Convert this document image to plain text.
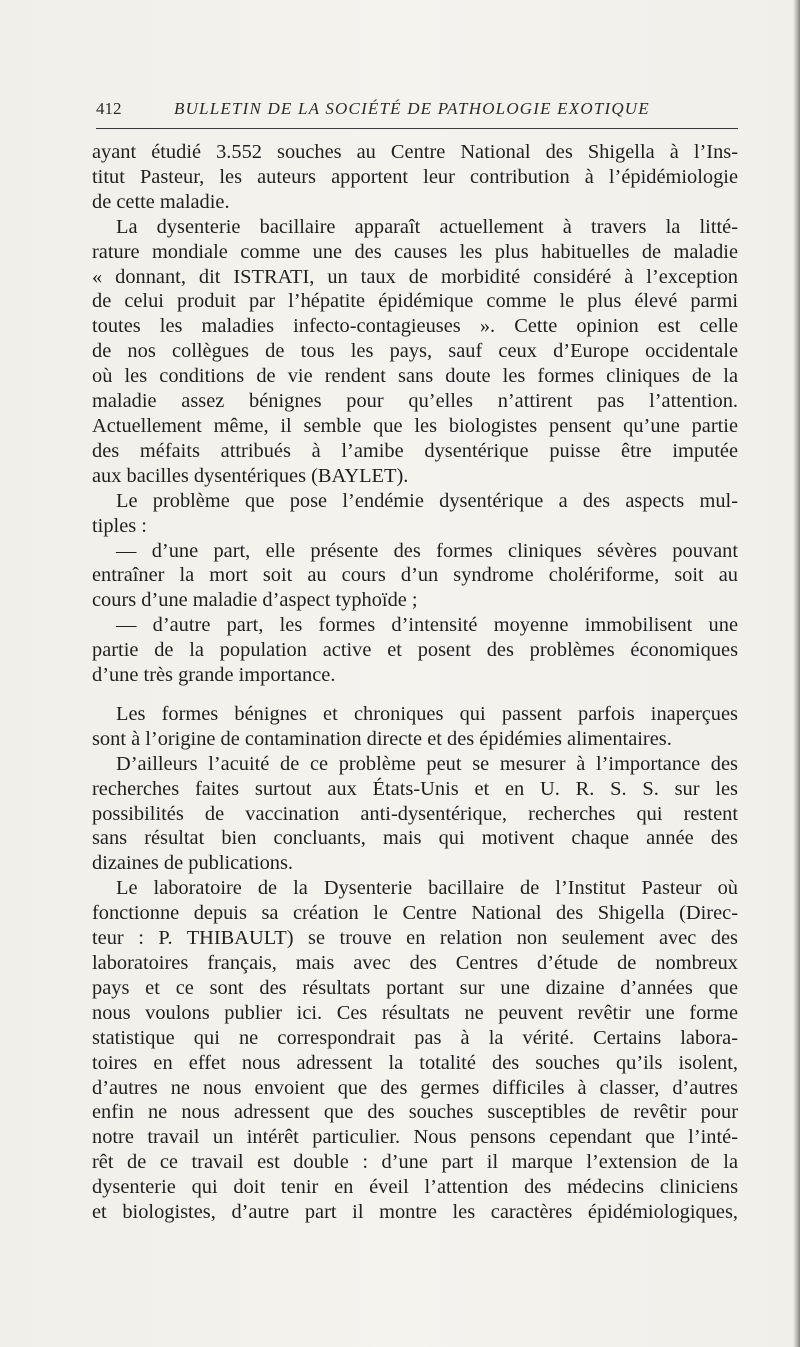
412	BULLETIN DE LA SOCIÉTÉ DE PATHOLOGIE EXOTIQUE
ayant étudié 3.552 souches au Centre National des Shigella à l’Ins-
titut Pasteur, les auteurs apportent leur contribution à l’épidémiologie
de cette maladie.
La dysenterie bacillaire apparaît actuellement à travers la litté-
rature mondiale comme une des causes les plus habituelles de maladie
« donnant, dit ISTRATI, un taux de morbidité considéré à l’exception
de celui produit par l’hépatite épidémique comme le plus élevé parmi
toutes les maladies infecto-contagieuses ». Cette opinion est celle
de nos collègues de tous les pays, sauf ceux d’Europe occidentale
où les conditions de vie rendent sans doute les formes cliniques de la
maladie assez bénignes pour qu’elles n’attirent pas l’attention.
Actuellement même, il semble que les biologistes pensent qu’une partie
des méfaits attribués à l’amibe dysentérique puisse être imputée
aux bacilles dysentériques (BAYLET).
Le problème que pose l’endémie dysentérique a des aspects mul-
tiples :
— d’une part, elle présente des formes cliniques sévères pouvant
entraîner la mort soit au cours d’un syndrome cholériforme, soit au
cours d’une maladie d’aspect typhoïde ;
— d’autre part, les formes d’intensité moyenne immobilisent une
partie de la population active et posent des problèmes économiques
d’une très grande importance.
Les formes bénignes et chroniques qui passent parfois inaperçues
sont à l’origine de contamination directe et des épidémies alimentaires.
D’ailleurs l’acuité de ce problème peut se mesurer à l’importance des
recherches faites surtout aux États-Unis et en U. R. S. S. sur les
possibilités de vaccination anti-dysentérique, recherches qui restent
sans résultat bien concluants, mais qui motivent chaque année des
dizaines de publications.
Le laboratoire de la Dysenterie bacillaire de l’Institut Pasteur où
fonctionne depuis sa création le Centre National des Shigella (Direc-
teur : P. THIBAULT) se trouve en relation non seulement avec des
laboratoires français, mais avec des Centres d’étude de nombreux
pays et ce sont des résultats portant sur une dizaine d’années que
nous voulons publier ici. Ces résultats ne peuvent revêtir une forme
statistique qui ne correspondrait pas à la vérité. Certains labora-
toires en effet nous adressent la totalité des souches qu’ils isolent,
d’autres ne nous envoient que des germes difficiles à classer, d’autres
enfin ne nous adressent que des souches susceptibles de revêtir pour
notre travail un intérêt particulier. Nous pensons cependant que l’inté-
rêt de ce travail est double : d’une part il marque l’extension de la
dysenterie qui doit tenir en éveil l’attention des médecins cliniciens
et biologistes, d’autre part il montre les caractères épidémiologiques,
